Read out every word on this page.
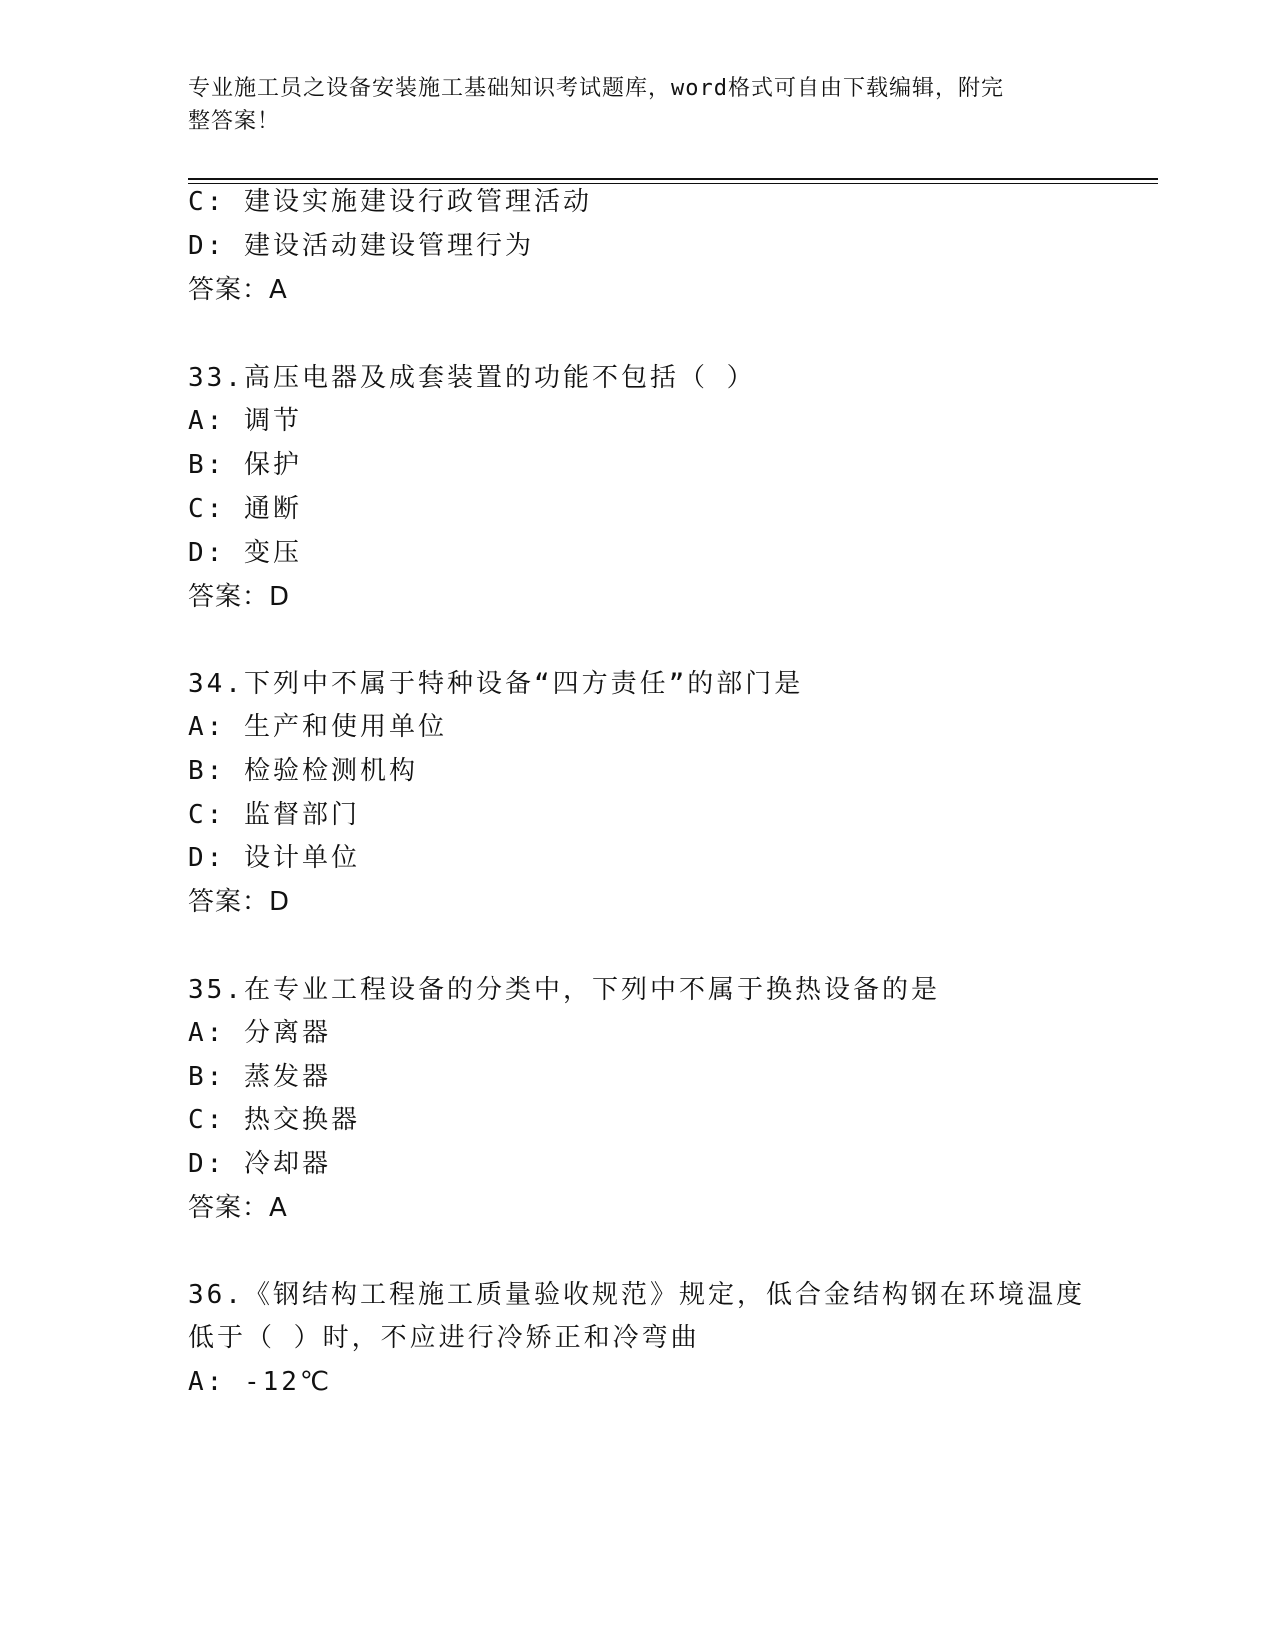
专业施工员之设备安装施工基础知识考试题库，word格式可自由下载编辑，附完
整答案！
C: 建设实施建设行政管理活动
D: 建设活动建设管理行为
答案：A
33.高压电器及成套装置的功能不包括（ ）
A: 调节
B: 保护
C: 通断
D: 变压
答案：D
34.下列中不属于特种设备“四方责任”的部门是
A: 生产和使用单位
B: 检验检测机构
C: 监督部门
D: 设计单位
答案：D
35.在专业工程设备的分类中，下列中不属于换热设备的是
A: 分离器
B: 蒸发器
C: 热交换器
D: 冷却器
答案：A
36.《钢结构工程施工质量验收规范》规定，低合金结构钢在环境温度
低于（ ）时，不应进行冷矫正和冷弯曲
A: -12℃
